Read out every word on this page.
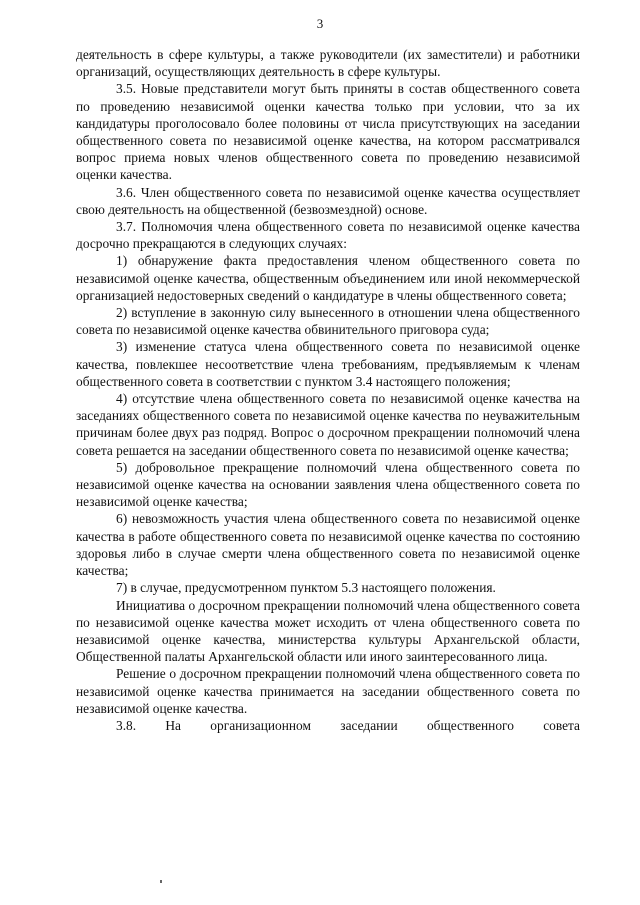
3

деятельность в сфере культуры, а также руководители (их заместители) и работники организаций, осуществляющих деятельность в сфере культуры.

3.5. Новые представители могут быть приняты в состав общественного совета по проведению независимой оценки качества только при условии, что за их кандидатуры проголосовало более половины от числа присутствующих на заседании общественного совета по независимой оценке качества, на котором рассматривался вопрос приема новых членов общественного совета по проведению независимой оценки качества.

3.6. Член общественного совета по независимой оценке качества осуществляет свою деятельность на общественной (безвозмездной) основе.

3.7. Полномочия члена общественного совета по независимой оценке качества досрочно прекращаются в следующих случаях:

1) обнаружение факта предоставления членом общественного совета по независимой оценке качества, общественным объединением или иной некоммерческой организацией недостоверных сведений о кандидатуре в члены общественного совета;

2) вступление в законную силу вынесенного в отношении члена общественного совета по независимой оценке качества обвинительного приговора суда;

3) изменение статуса члена общественного совета по независимой оценке качества, повлекшее несоответствие члена требованиям, предъявляемым к членам общественного совета в соответствии с пунктом 3.4 настоящего положения;

4) отсутствие члена общественного совета по независимой оценке качества на заседаниях общественного совета по независимой оценке качества по неуважительным причинам более двух раз подряд. Вопрос о досрочном прекращении полномочий члена совета решается на заседании общественного совета по независимой оценке качества;

5) добровольное прекращение полномочий члена общественного совета по независимой оценке качества на основании заявления члена общественного совета по независимой оценке качества;

6) невозможность участия члена общественного совета по независимой оценке качества в работе общественного совета по независимой оценке качества по состоянию здоровья либо в случае смерти члена общественного совета по независимой оценке качества;

7) в случае, предусмотренном пунктом 5.3 настоящего положения.

Инициатива о досрочном прекращении полномочий члена общественного совета по независимой оценке качества может исходить от члена общественного совета по независимой оценке качества, министерства культуры Архангельской области, Общественной палаты Архангельской области или иного заинтересованного лица.

Решение о досрочном прекращении полномочий члена общественного совета по независимой оценке качества принимается на заседании общественного совета по независимой оценке качества.

3.8. На организационном заседании общественного совета
